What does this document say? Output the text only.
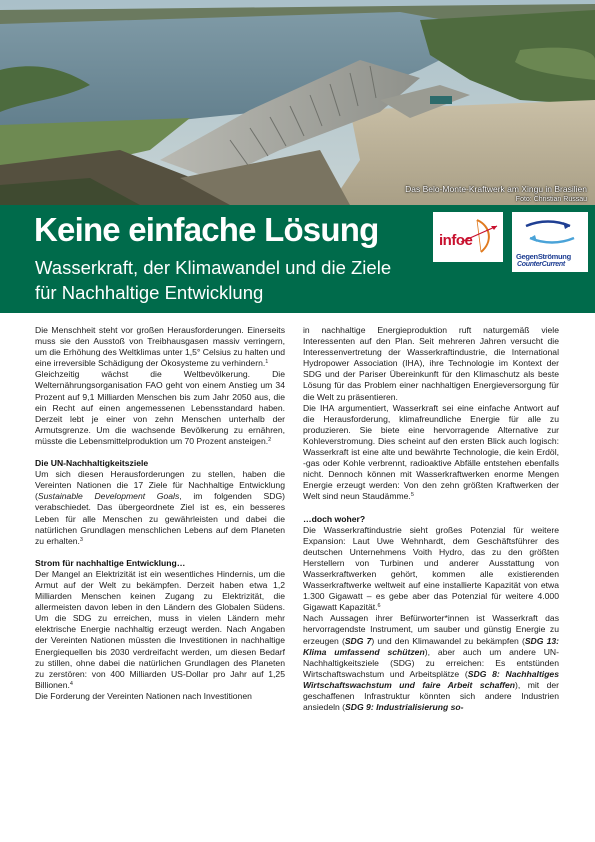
Das Belo-Monte-Kraftwerk am Xingu in Brasilien
Foto: Christian Russau
Keine einfache Lösung
Wasserkraft, der Klimawandel und die Ziele
für Nachhaltige Entwicklung
infoe
GegenStrömung
CounterCurrent

Die Menschheit steht vor großen Herausforderungen. Einerseits muss sie den Ausstoß von Treibhausgasen massiv verringern, um die Erhöhung des Weltklimas unter 1,5° Celsius zu halten und eine irreversible Schädigung der Ökosysteme zu verhindern.$^1$

Gleichzeitig wächst die Weltbevölkerung. Die Welternährungsorganisation FAO geht von einem Anstieg um 34 Prozent auf 9,1 Milliarden Menschen bis zum Jahr 2050 aus, die ein Recht auf einen angemessenen Lebensstandard haben. Derzeit lebt je einer von zehn Menschen unterhalb der Armutsgrenze. Um die wachsende Bevölkerung zu ernähren, müsste die Lebensmittelproduktion um 70 Prozent ansteigen.$^2$

Die UN-Nachhaltigkeitsziele

Um sich diesen Herausforderungen zu stellen, haben die Vereinten Nationen die 17 Ziele für Nachhaltige Entwicklung (Sustainable Development Goals, im folgenden SDG) verabschiedet. Das übergeordnete Ziel ist es, ein besseres Leben für alle Menschen zu gewährleisten und dabei die natürlichen Grundlagen menschlichen Lebens auf dem Planeten zu erhalten.$^3$

Strom für nachhaltige Entwicklung…

Der Mangel an Elektrizität ist ein wesentliches Hindernis, um die Armut auf der Welt zu bekämpfen. Derzeit haben etwa 1,2 Milliarden Menschen keinen Zugang zu Elektrizität, die allermeisten davon leben in den Ländern des Globalen Südens. Um die SDG zu erreichen, muss in vielen Ländern mehr elektrische Energie nachhaltig erzeugt werden. Nach Angaben der Vereinten Nationen müssten die Investitionen in nachhaltige Energiequellen bis 2030 verdreifacht werden, um diesen Bedarf zu stillen, ohne dabei die natürlichen Grundlagen des Planeten zu zerstören: von 400 Milliarden US-Dollar pro Jahr auf 1,25 Billionen.$^4$

Die Forderung der Vereinten Nationen nach Investitionen

in nachhaltige Energieproduktion ruft naturgemäß viele Interessenten auf den Plan. Seit mehreren Jahren versucht die Interessenvertretung der Wasserkraftindustrie, die International Hydropower Association (IHA), ihre Technologie im Kontext der SDG und der Pariser Übereinkunft für den Klimaschutz als beste Lösung für das Problem einer nachhaltigen Energieversorgung für die Welt zu präsentieren.

Die IHA argumentiert, Wasserkraft sei eine einfache Antwort auf die Herausforderung, klimafreundliche Energie für alle zu produzieren. Sie biete eine hervorragende Alternative zur Kohleverstromung. Dies scheint auf den ersten Blick auch logisch: Wasserkraft ist eine alte und bewährte Technologie, die kein Erdöl, -gas oder Kohle verbrennt, radioaktive Abfälle entstehen ebenfalls nicht. Dennoch können mit Wasserkraftwerken enorme Mengen Energie erzeugt werden: Von den zehn größten Kraftwerken der Welt sind neun Staudämme.$^5$

…doch woher?

Die Wasserkraftindustrie sieht großes Potenzial für weitere Expansion: Laut Uwe Wehnhardt, dem Geschäftsführer des deutschen Unternehmens Voith Hydro, das zu den größten Herstellern von Turbinen und anderer Ausstattung von Wasserkraftwerken gehört, kommen alle existierenden Wasserkraftwerke weltweit auf eine installierte Kapazität von etwa 1.300 Gigawatt – es gebe aber das Potenzial für weitere 4.000 Gigawatt Kapazität.$^6$

Nach Aussagen ihrer Befürworter*innen ist Wasserkraft das hervorragendste Instrument, um sauber und günstig Energie zu erzeugen (SDG 7) und den Klimawandel zu bekämpfen (SDG 13: Klima umfassend schützen), aber auch um andere UN-Nachhaltigkeitsziele (SDG) zu erreichen: Es entstünden Wirtschaftswachstum und Arbeitsplätze (SDG 8: Nachhaltiges Wirtschaftswachstum und faire Arbeit schaffen), mit der geschaffenen Infrastruktur könnten sich andere Industrien ansiedeln (SDG 9: Industrialisierung so-
